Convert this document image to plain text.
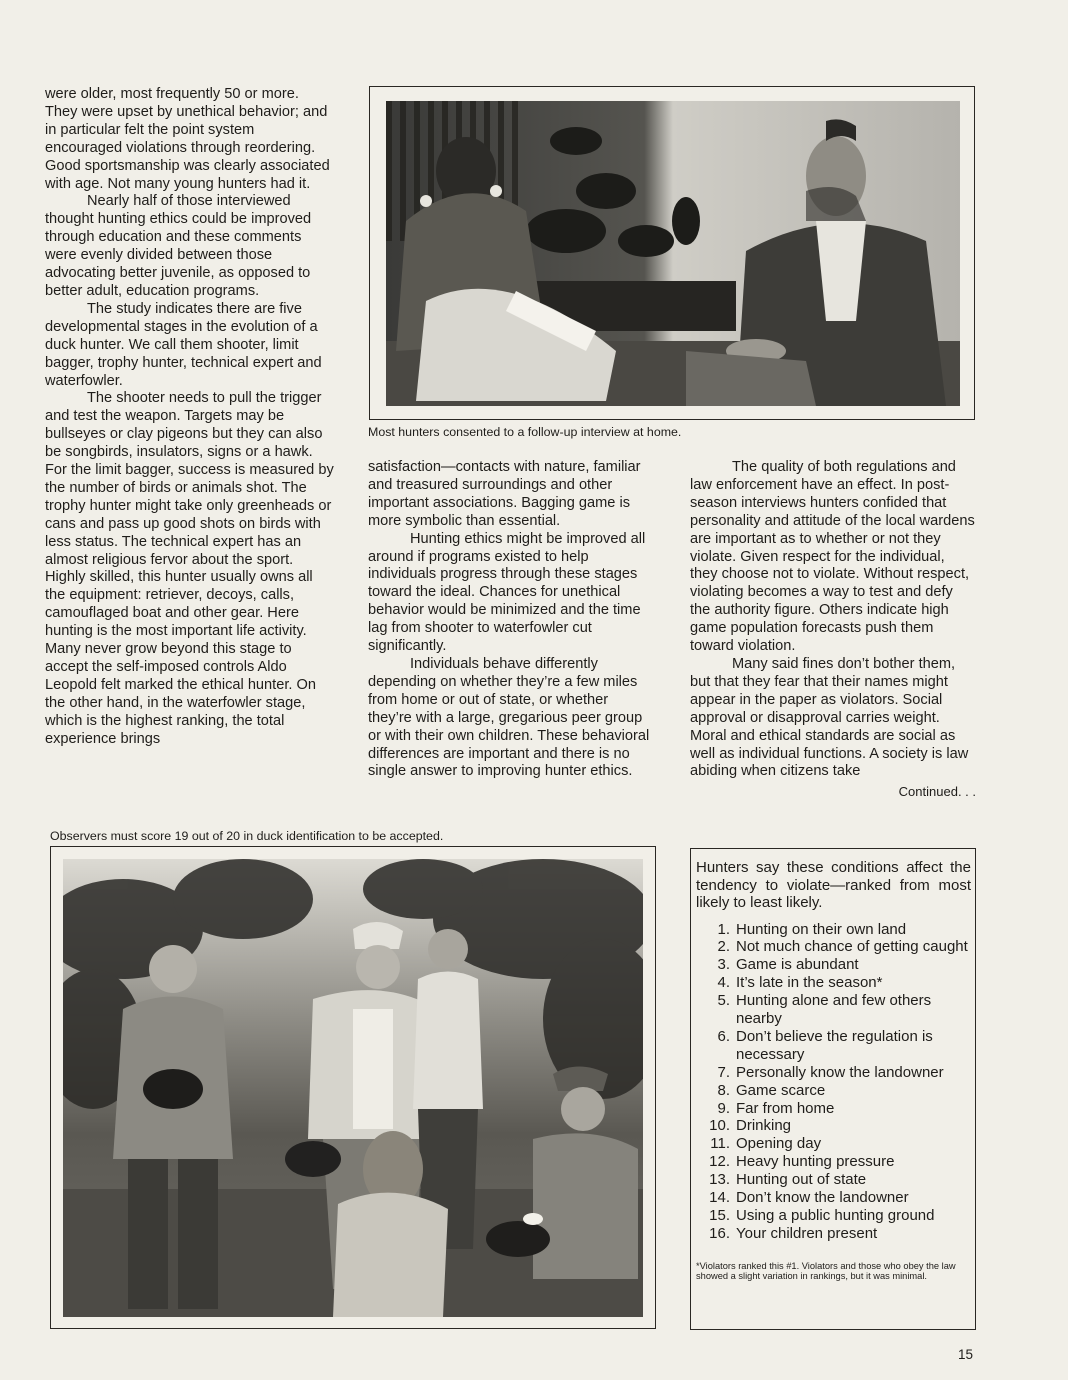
were older, most frequently 50 or more. They were upset by unethical behavior; and in particular felt the point system encouraged violations through reordering. Good sportsmanship was clearly associated with age. Not many young hunters had it.

Nearly half of those interviewed thought hunting ethics could be improved through education and these comments were evenly divided between those advocating better juvenile, as opposed to better adult, education programs.

The study indicates there are five developmental stages in the evolution of a duck hunter. We call them shooter, limit bagger, trophy hunter, technical expert and waterfowler.

The shooter needs to pull the trigger and test the weapon. Targets may be bullseyes or clay pigeons but they can also be songbirds, insulators, signs or a hawk. For the limit bagger, success is measured by the number of birds or animals shot. The trophy hunter might take only greenheads or cans and pass up good shots on birds with less status. The technical expert has an almost religious fervor about the sport. Highly skilled, this hunter usually owns all the equipment: retriever, decoys, calls, camouflaged boat and other gear. Here hunting is the most important life activity. Many never grow beyond this stage to accept the self-imposed controls Aldo Leopold felt marked the ethical hunter. On the other hand, in the waterfowler stage, which is the highest ranking, the total experience brings

Most hunters consented to a follow-up interview at home.

satisfaction—contacts with nature, familiar and treasured surroundings and other important associations. Bagging game is more symbolic than essential.

Hunting ethics might be improved all around if programs existed to help individuals progress through these stages toward the ideal. Chances for unethical behavior would be minimized and the time lag from shooter to waterfowler cut significantly.

Individuals behave differently depending on whether they’re a few miles from home or out of state, or whether they’re with a large, gregarious peer group or with their own children. These behavioral differences are important and there is no single answer to improving hunter ethics.

The quality of both regulations and law enforcement have an effect. In post-season interviews hunters confided that personality and attitude of the local wardens are important as to whether or not they violate. Given respect for the individual, they choose not to violate. Without respect, violating becomes a way to test and defy the authority figure. Others indicate high game population forecasts push them toward violation.

Many said fines don’t bother them, but that they fear that their names might appear in the paper as violators. Social approval or disapproval carries weight. Moral and ethical standards are social as well as individual functions. A society is law abiding when citizens take

Continued. . .
Observers must score 19 out of 20 in duck identification to be accepted.
Hunters say these conditions affect the tendency to violate—ranked from most likely to least likely.
1. Hunting on their own land
2. Not much chance of getting caught
3. Game is abundant
4. It’s late in the season*
5. Hunting alone and few others nearby
6. Don’t believe the regulation is necessary
7. Personally know the landowner
8. Game scarce
9. Far from home
10. Drinking
11. Opening day
12. Heavy hunting pressure
13. Hunting out of state
14. Don’t know the landowner
15. Using a public hunting ground
16. Your children present
*Violators ranked this #1. Violators and those who obey the law showed a slight variation in rankings, but it was minimal.
15
